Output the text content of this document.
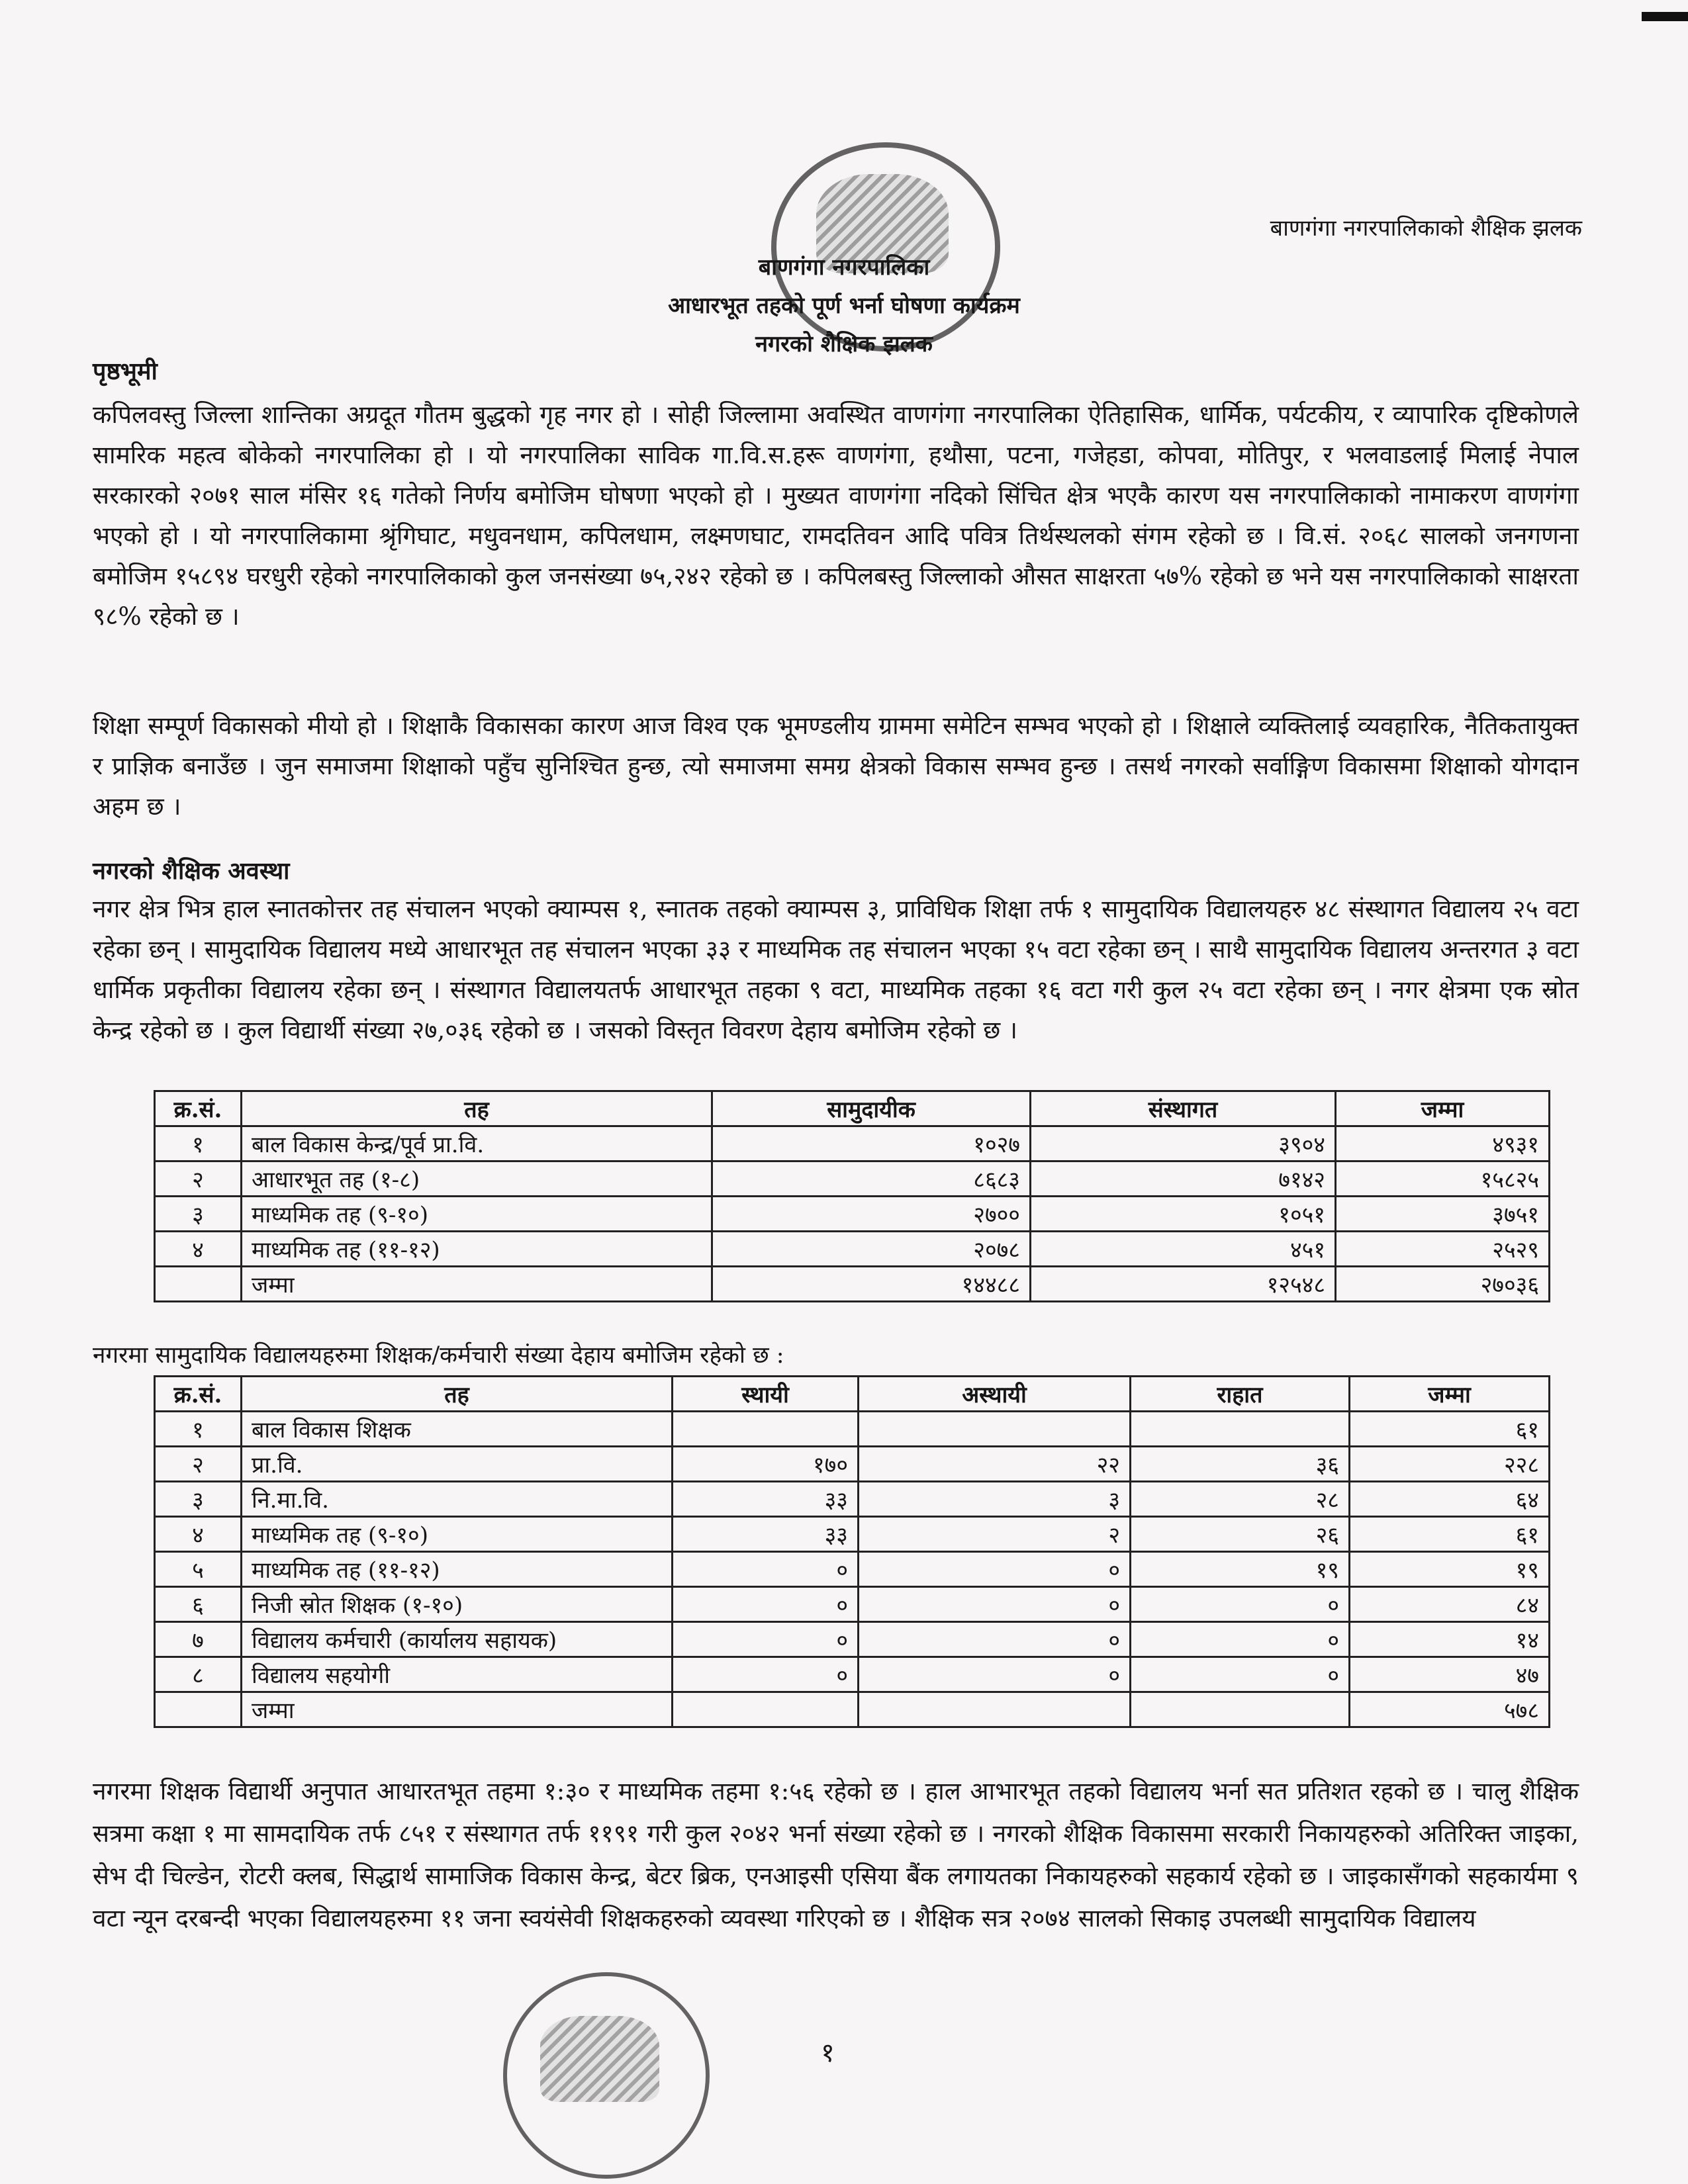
बाणगंगा नगरपालिकाको शैक्षिक झलक
बाणगंगा नगरपालिका
आधारभूत तहको पूर्ण भर्ना घोषणा कार्यक्रम
नगरको शैक्षिक झलक
पृष्ठभूमी
कपिलवस्तु जिल्ला शान्तिका अग्रदूत गौतम बुद्धको गृह नगर हो । सोही जिल्लामा अवस्थित वाणगंगा नगरपालिका ऐतिहासिक, धार्मिक, पर्यटकीय, र व्यापारिक दृष्टिकोणले सामरिक महत्व बोकेको नगरपालिका हो । यो नगरपालिका साविक गा.वि.स.हरू वाणगंगा, हथौसा, पटना, गजेहडा, कोपवा, मोतिपुर, र भलवाडलाई मिलाई नेपाल सरकारको २०७१ साल मंसिर १६ गतेको निर्णय बमोजिम घोषणा भएको हो । मुख्यत वाणगंगा नदिको सिंचित क्षेत्र भएकै कारण यस नगरपालिकाको नामाकरण वाणगंगा भएको हो । यो नगरपालिकामा श्रृंगिघाट, मधुवनधाम, कपिलधाम, लक्ष्मणघाट, रामदतिवन आदि पवित्र तिर्थस्थलको संगम रहेको छ । वि.सं. २०६८ सालको जनगणना बमोजिम १५८९४ घरधुरी रहेको नगरपालिकाको कुल जनसंख्या ७५,२४२ रहेको छ । कपिलबस्तु जिल्लाको औसत साक्षरता ५७% रहेको छ भने यस नगरपालिकाको साक्षरता ९८% रहेको छ ।
शिक्षा सम्पूर्ण विकासको मीयो हो । शिक्षाकै विकासका कारण आज विश्व एक भूमण्डलीय ग्राममा समेटिन सम्भव भएको हो । शिक्षाले व्यक्तिलाई व्यवहारिक, नैतिकतायुक्त र प्राज्ञिक बनाउँछ । जुन समाजमा शिक्षाको पहुँच सुनिश्चित हुन्छ, त्यो समाजमा समग्र क्षेत्रको विकास सम्भव हुन्छ । तसर्थ नगरको सर्वाङ्गिण विकासमा शिक्षाको योगदान अहम छ ।
नगरको शैक्षिक अवस्था
नगर क्षेत्र भित्र हाल स्नातकोत्तर तह संचालन भएको क्याम्पस १, स्नातक तहको क्याम्पस ३, प्राविधिक शिक्षा तर्फ १ सामुदायिक विद्यालयहरु ४८ संस्थागत विद्यालय २५ वटा रहेका छन् । सामुदायिक विद्यालय मध्ये आधारभूत तह संचालन भएका ३३ र माध्यमिक तह संचालन भएका १५ वटा रहेका छन् । साथै सामुदायिक विद्यालय अन्तरगत ३ वटा धार्मिक प्रकृतीका विद्यालय रहेका छन् । संस्थागत विद्यालयतर्फ आधारभूत तहका ९ वटा, माध्यमिक तहका १६ वटा गरी कुल २५ वटा रहेका छन् । नगर क्षेत्रमा एक स्रोत केन्द्र रहेको छ । कुल विद्यार्थी संख्या २७,०३६ रहेको छ । जसको विस्तृत विवरण देहाय बमोजिम रहेको छ ।
क्र.सं.	तह	सामुदायीक	संस्थागत	जम्मा
१	बाल विकास केन्द्र/पूर्व प्रा.वि.	१०२७	३९०४	४९३१
२	आधारभूत तह (१-८)	८६८३	७१४२	१५८२५
३	माध्यमिक तह (९-१०)	२७००	१०५१	३७५१
४	माध्यमिक तह (११-१२)	२०७८	४५१	२५२९
	जम्मा	१४४८८	१२५४८	२७०३६
नगरमा सामुदायिक विद्यालयहरुमा शिक्षक/कर्मचारी संख्या देहाय बमोजिम रहेको छ :
क्र.सं.	तह	स्थायी	अस्थायी	राहात	जम्मा
१	बाल विकास शिक्षक				६१
२	प्रा.वि.	१७०	२२	३६	२२८
३	नि.मा.वि.	३३	३	२८	६४
४	माध्यमिक तह (९-१०)	३३	२	२६	६१
५	माध्यमिक तह (११-१२)	०	०	१९	१९
६	निजी स्रोत शिक्षक (१-१०)	०	०	०	८४
७	विद्यालय कर्मचारी (कार्यालय सहायक)	०	०	०	१४
८	विद्यालय सहयोगी	०	०	०	४७
	जम्मा				५७८
नगरमा शिक्षक विद्यार्थी अनुपात आधारतभूत तहमा १:३० र माध्यमिक तहमा १:५६ रहेको छ । हाल आभारभूत तहको विद्यालय भर्ना सत प्रतिशत रहको छ । चालु शैक्षिक सत्रमा कक्षा १ मा सामदायिक तर्फ ८५१ र संस्थागत तर्फ ११९१ गरी कुल २०४२ भर्ना संख्या रहेको छ । नगरको शैक्षिक विकासमा सरकारी निकायहरुको अतिरिक्त जाइका, सेभ दी चिल्डेन, रोटरी क्लब, सिद्धार्थ सामाजिक विकास केन्द्र, बेटर ब्रिक, एनआइसी एसिया बैंक लगायतका निकायहरुको सहकार्य रहेको छ । जाइकासँगको सहकार्यमा ९ वटा न्यून दरबन्दी भएका विद्यालयहरुमा ११ जना स्वयंसेवी शिक्षकहरुको व्यवस्था गरिएको छ । शैक्षिक सत्र २०७४ सालको सिकाइ उपलब्धी सामुदायिक विद्यालय
१
